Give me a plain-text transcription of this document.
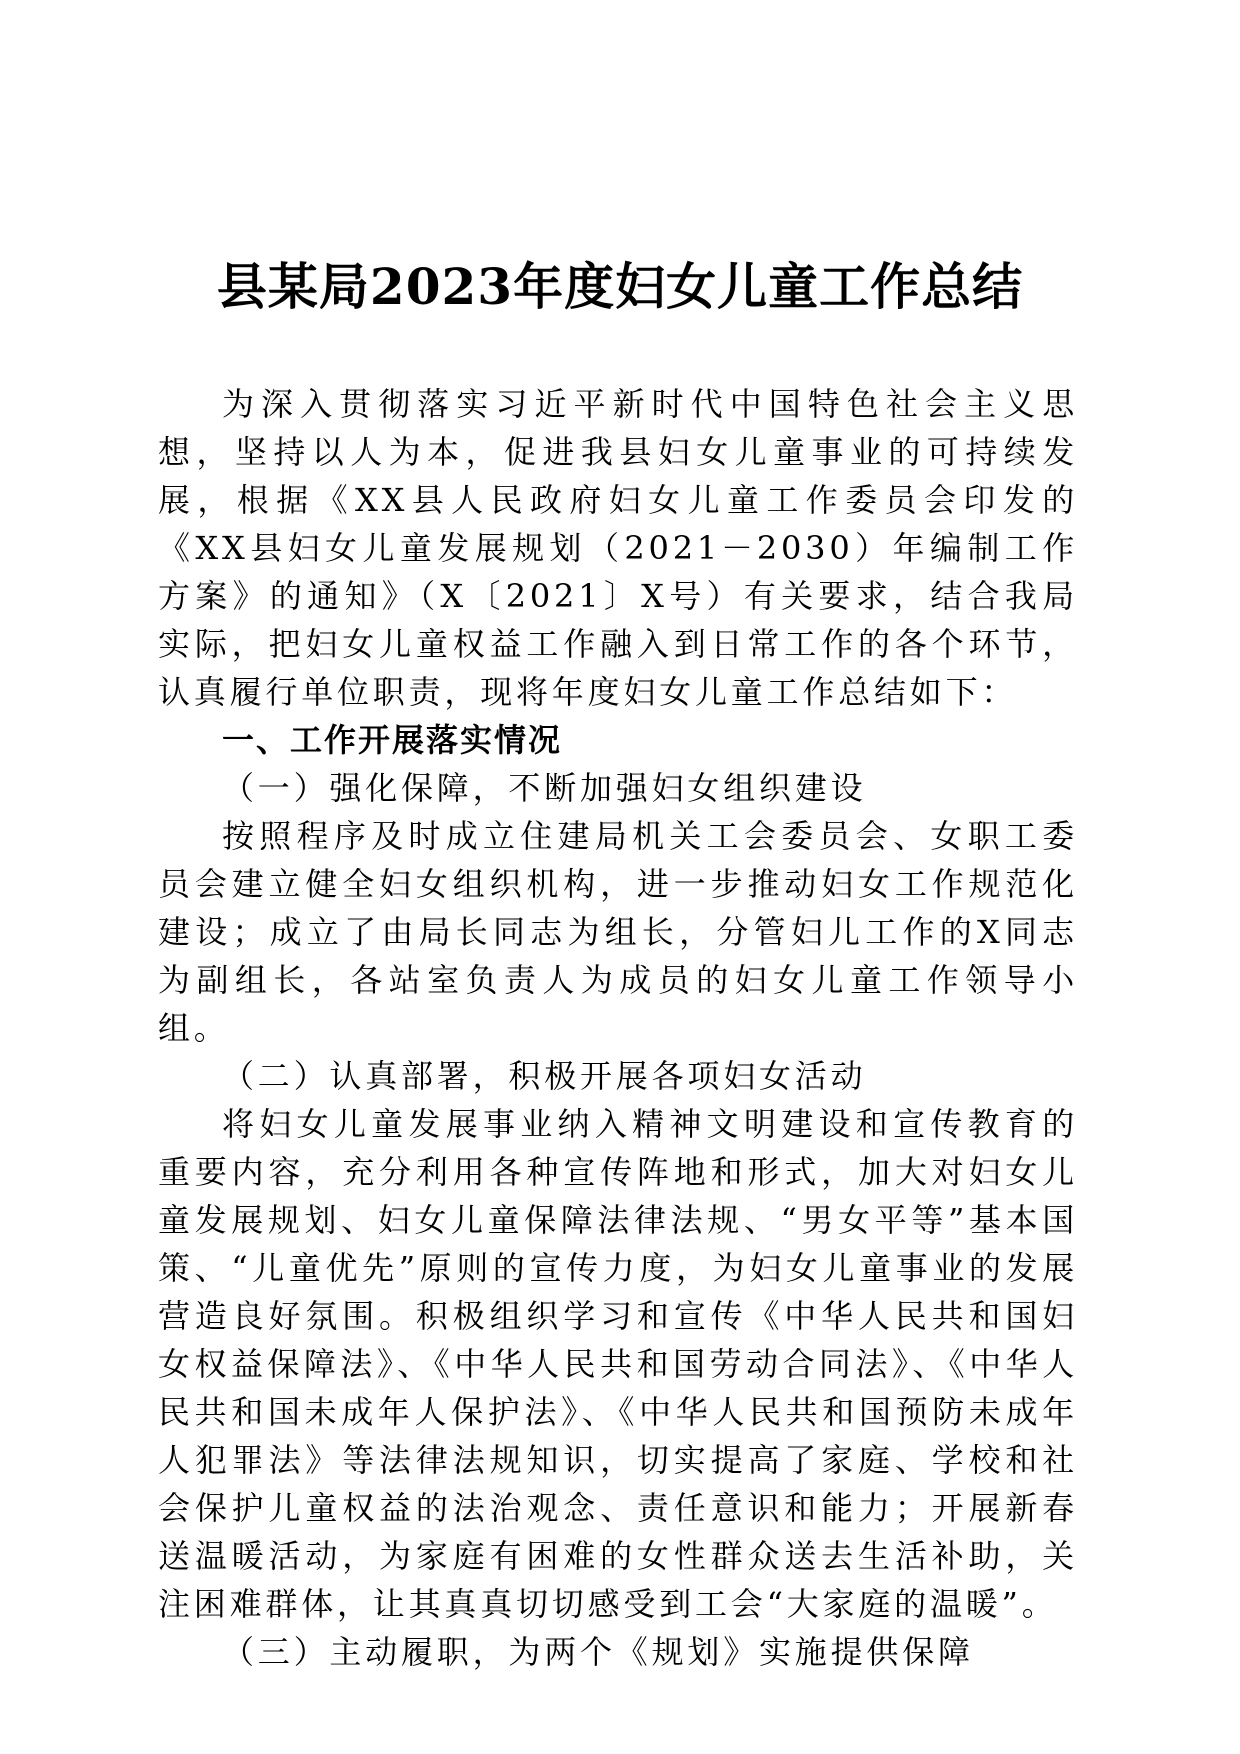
县某局2023年度妇女儿童工作总结

为深入贯彻落实习近平新时代中国特色社会主义思想，坚持以人为本，促进我县妇女儿童事业的可持续发展，根据《XX县人民政府妇女儿童工作委员会印发的《XX县妇女儿童发展规划（2021－2030）年编制工作方案》的通知》（X〔2021〕X号）有关要求，结合我局实际，把妇女儿童权益工作融入到日常工作的各个环节，认真履行单位职责，现将年度妇女儿童工作总结如下：

一、工作开展落实情况

（一）强化保障，不断加强妇女组织建设

按照程序及时成立住建局机关工会委员会、女职工委员会建立健全妇女组织机构，进一步推动妇女工作规范化建设；成立了由局长同志为组长，分管妇儿工作的X同志为副组长，各站室负责人为成员的妇女儿童工作领导小组。

（二）认真部署，积极开展各项妇女活动

将妇女儿童发展事业纳入精神文明建设和宣传教育的重要内容，充分利用各种宣传阵地和形式，加大对妇女儿童发展规划、妇女儿童保障法律法规、“男女平等”基本国策、“儿童优先”原则的宣传力度，为妇女儿童事业的发展营造良好氛围。积极组织学习和宣传《中华人民共和国妇女权益保障法》、《中华人民共和国劳动合同法》、《中华人民共和国未成年人保护法》、《中华人民共和国预防未成年人犯罪法》等法律法规知识，切实提高了家庭、学校和社会保护儿童权益的法治观念、责任意识和能力；开展新春送温暖活动，为家庭有困难的女性群众送去生活补助，关注困难群体，让其真真切切感受到工会“大家庭的温暖”。

（三）主动履职，为两个《规划》实施提供保障
